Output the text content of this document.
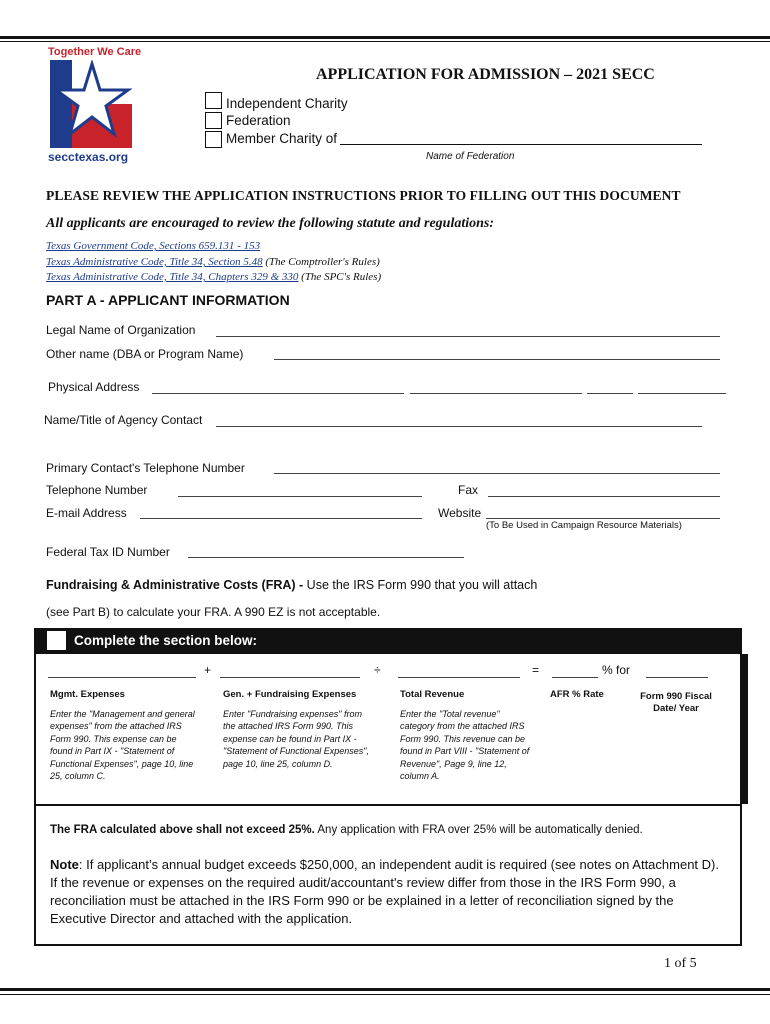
Together We Care
secctexas.org
APPLICATION FOR ADMISSION – 2021 SECC
Independent Charity
Federation
Member Charity of
Name of Federation
PLEASE REVIEW THE APPLICATION INSTRUCTIONS PRIOR TO FILLING OUT THIS DOCUMENT
All applicants are encouraged to review the following statute and regulations:
Texas Government Code, Sections 659.131 - 153
Texas Administrative Code, Title 34, Section 5.48 (The Comptroller's Rules)
Texas Administrative Code, Title 34, Chapters 329 & 330 (The SPC's Rules)
PART A - APPLICANT INFORMATION
Legal Name of Organization
Other name (DBA or Program Name)
Physical Address
Name/Title of Agency Contact
Primary Contact's Telephone Number
Telephone Number	Fax
E-mail Address	Website
(To Be Used in Campaign Resource Materials)
Federal Tax ID Number
Fundraising & Administrative Costs (FRA) - Use the IRS Form 990 that you will attach
(see Part B) to calculate your FRA. A 990 EZ is not acceptable.
Complete the section below:
+	÷	=	% for
Mgmt. Expenses
Enter the "Management and general expenses" from the attached IRS Form 990. This expense can be found in Part IX - "Statement of Functional Expenses", page 10, line 25, column C.
Gen. + Fundraising Expenses
Enter "Fundraising expenses" from the attached IRS Form 990. This expense can be found in Part IX - "Statement of Functional Expenses", page 10, line 25, column D.
Total Revenue
Enter the "Total revenue" category from the attached IRS Form 990. This revenue can be found in Part VIII - "Statement of Revenue", Page 9, line 12, column A.
AFR % Rate	Form 990 Fiscal Date/ Year
The FRA calculated above shall not exceed 25%. Any application with FRA over 25% will be automatically denied.
Note: If applicant’s annual budget exceeds $250,000, an independent audit is required (see notes on Attachment D). If the revenue or expenses on the required audit/accountant's review differ from those in the IRS Form 990, a reconciliation must be attached in the IRS Form 990 or be explained in a letter of reconciliation signed by the Executive Director and attached with the application.
1 of 5
